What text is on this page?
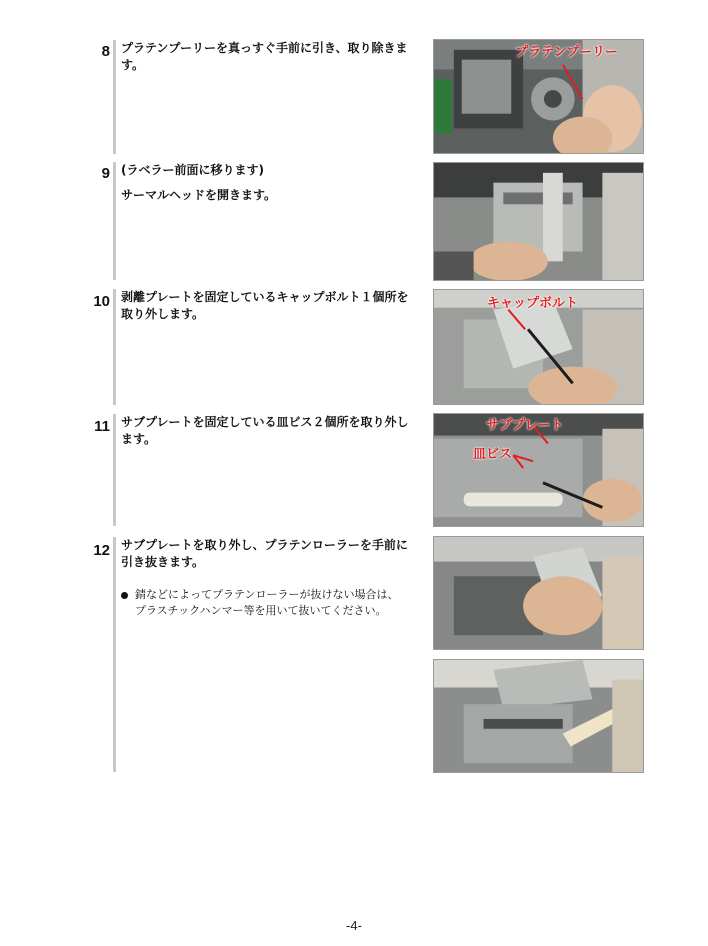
8 プラテンプーリーを真っすぐ手前に引き、取り除きま

す。

プラテンプーリー
9 (ラベラー前面に移ります)

サーマルヘッドを開きます。

10 剥離プレートを固定しているキャップボルト１個所を

取り外します。

キャップボルト
11 サブプレートを固定している皿ビス２個所を取り外し

ます。

サブプレート
皿ビス
12 サブプレートを取り外し、プラテンローラーを手前に

引き抜きます。

錆などによってプラテンローラーが抜けない場合は、
プラスチックハンマー等を用いて抜いてください。
-4-
